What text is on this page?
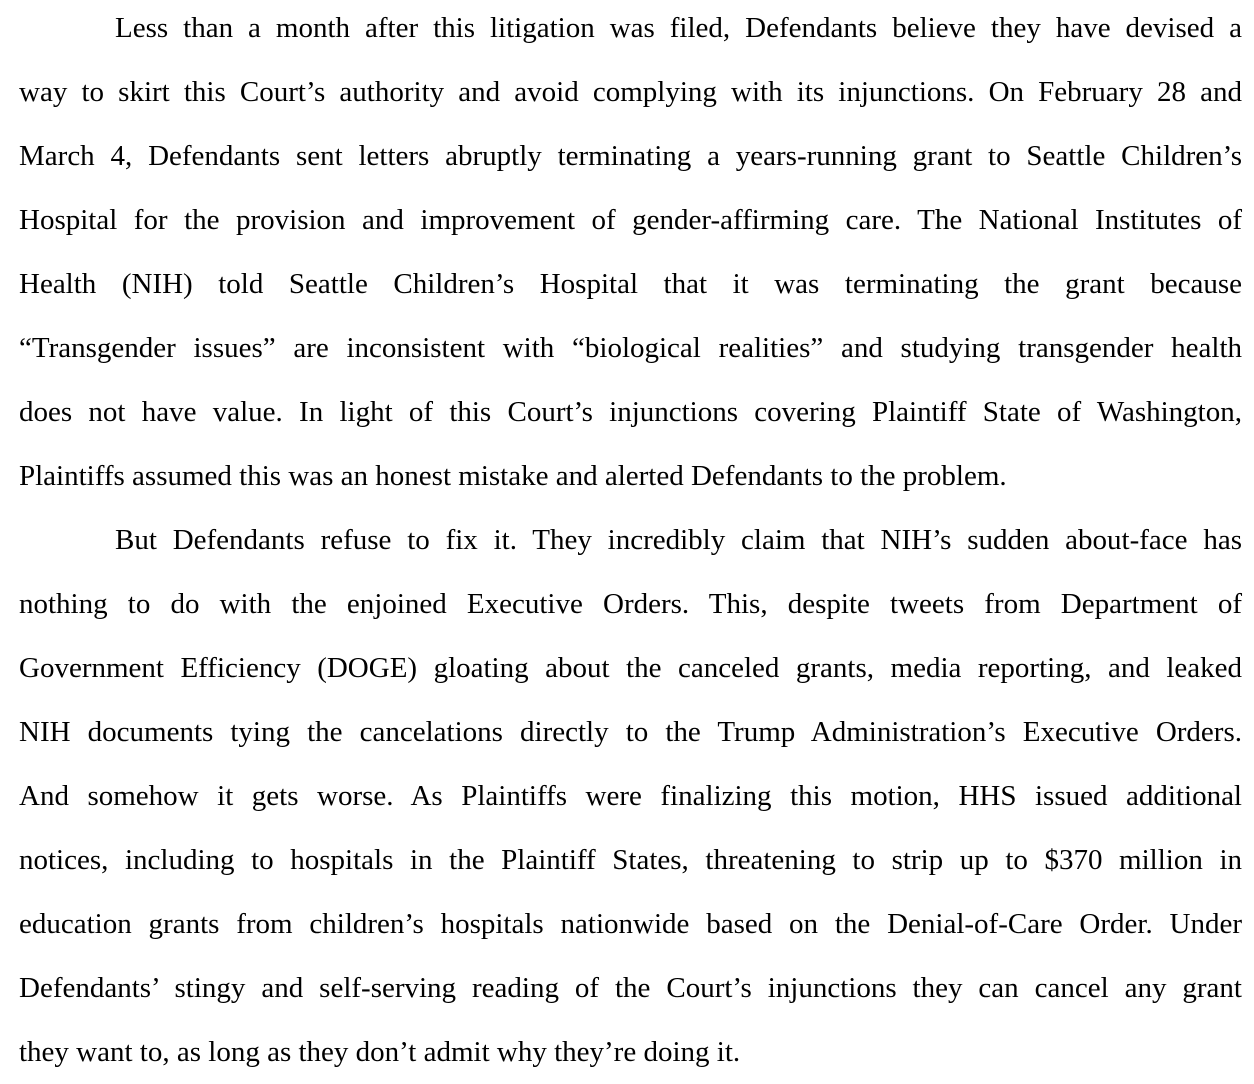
Less than a month after this litigation was filed, Defendants believe they have devised a
way to skirt this Court’s authority and avoid complying with its injunctions. On February 28 and
March 4, Defendants sent letters abruptly terminating a years-running grant to Seattle Children’s
Hospital for the provision and improvement of gender-affirming care. The National Institutes of
Health (NIH) told Seattle Children’s Hospital that it was terminating the grant because
“Transgender issues” are inconsistent with “biological realities” and studying transgender health
does not have value. In light of this Court’s injunctions covering Plaintiff State of Washington,
Plaintiffs assumed this was an honest mistake and alerted Defendants to the problem.
But Defendants refuse to fix it. They incredibly claim that NIH’s sudden about-face has
nothing to do with the enjoined Executive Orders. This, despite tweets from Department of
Government Efficiency (DOGE) gloating about the canceled grants, media reporting, and leaked
NIH documents tying the cancelations directly to the Trump Administration’s Executive Orders.
And somehow it gets worse. As Plaintiffs were finalizing this motion, HHS issued additional
notices, including to hospitals in the Plaintiff States, threatening to strip up to $370 million in
education grants from children’s hospitals nationwide based on the Denial-of-Care Order. Under
Defendants’ stingy and self-serving reading of the Court’s injunctions they can cancel any grant
they want to, as long as they don’t admit why they’re doing it.
